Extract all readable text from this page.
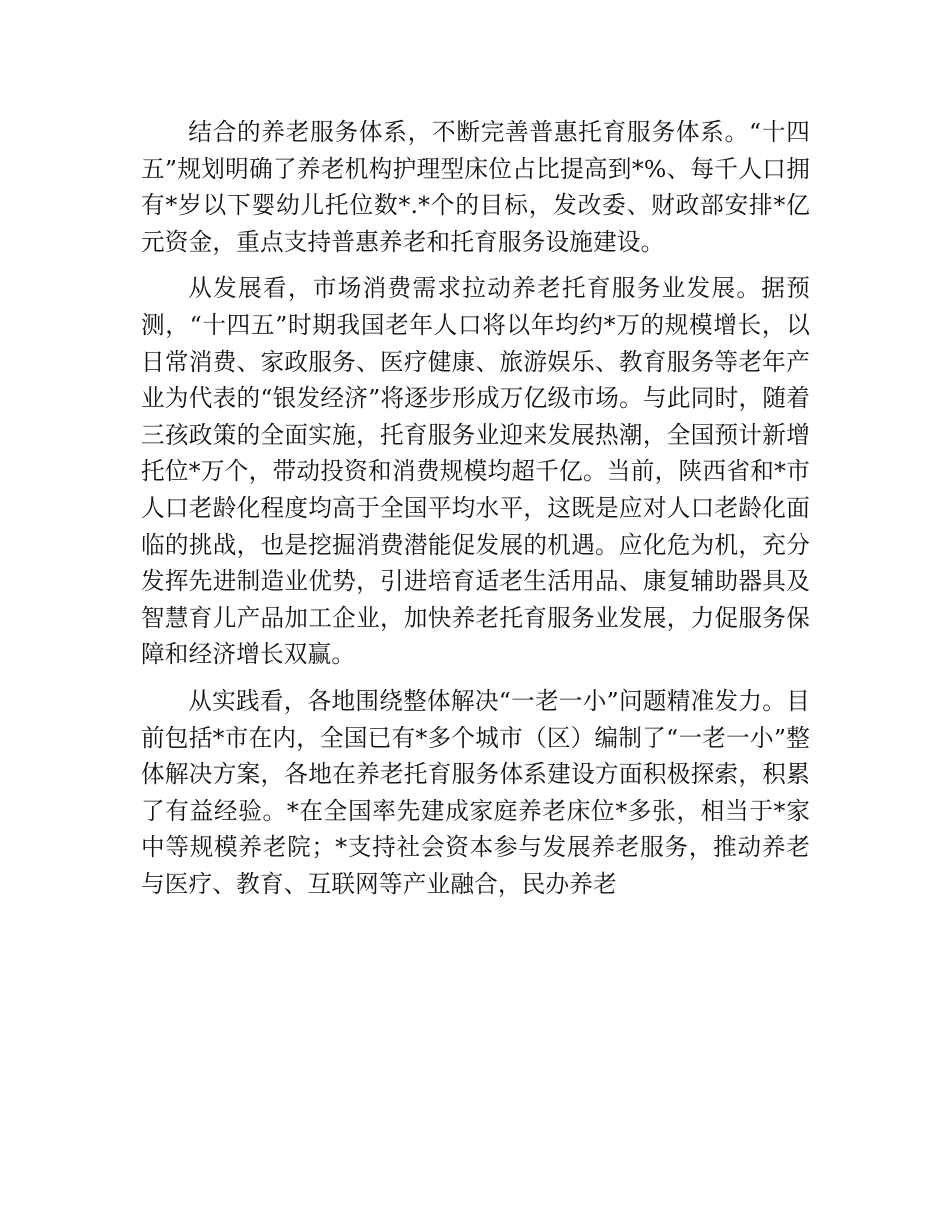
结合的养老服务体系，不断完善普惠托育服务体系。“十四五”规划明确了养老机构护理型床位占比提高到*%、每千人口拥有*岁以下婴幼儿托位数*.*个的目标，发改委、财政部安排*亿元资金，重点支持普惠养老和托育服务设施建设。

从发展看，市场消费需求拉动养老托育服务业发展。据预测，“十四五”时期我国老年人口将以年均约*万的规模增长，以日常消费、家政服务、医疗健康、旅游娱乐、教育服务等老年产业为代表的“银发经济”将逐步形成万亿级市场。与此同时，随着三孩政策的全面实施，托育服务业迎来发展热潮，全国预计新增托位*万个，带动投资和消费规模均超千亿。当前，陕西省和*市人口老龄化程度均高于全国平均水平，这既是应对人口老龄化面临的挑战，也是挖掘消费潜能促发展的机遇。应化危为机，充分发挥先进制造业优势，引进培育适老生活用品、康复辅助器具及智慧育儿产品加工企业，加快养老托育服务业发展，力促服务保障和经济增长双赢。

从实践看，各地围绕整体解决“一老一小”问题精准发力。目前包括*市在内，全国已有*多个城市（区）编制了“一老一小”整体解决方案，各地在养老托育服务体系建设方面积极探索，积累了有益经验。*在全国率先建成家庭养老床位*多张，相当于*家中等规模养老院；*支持社会资本参与发展养老服务，推动养老与医疗、教育、互联网等产业融合，民办养老
